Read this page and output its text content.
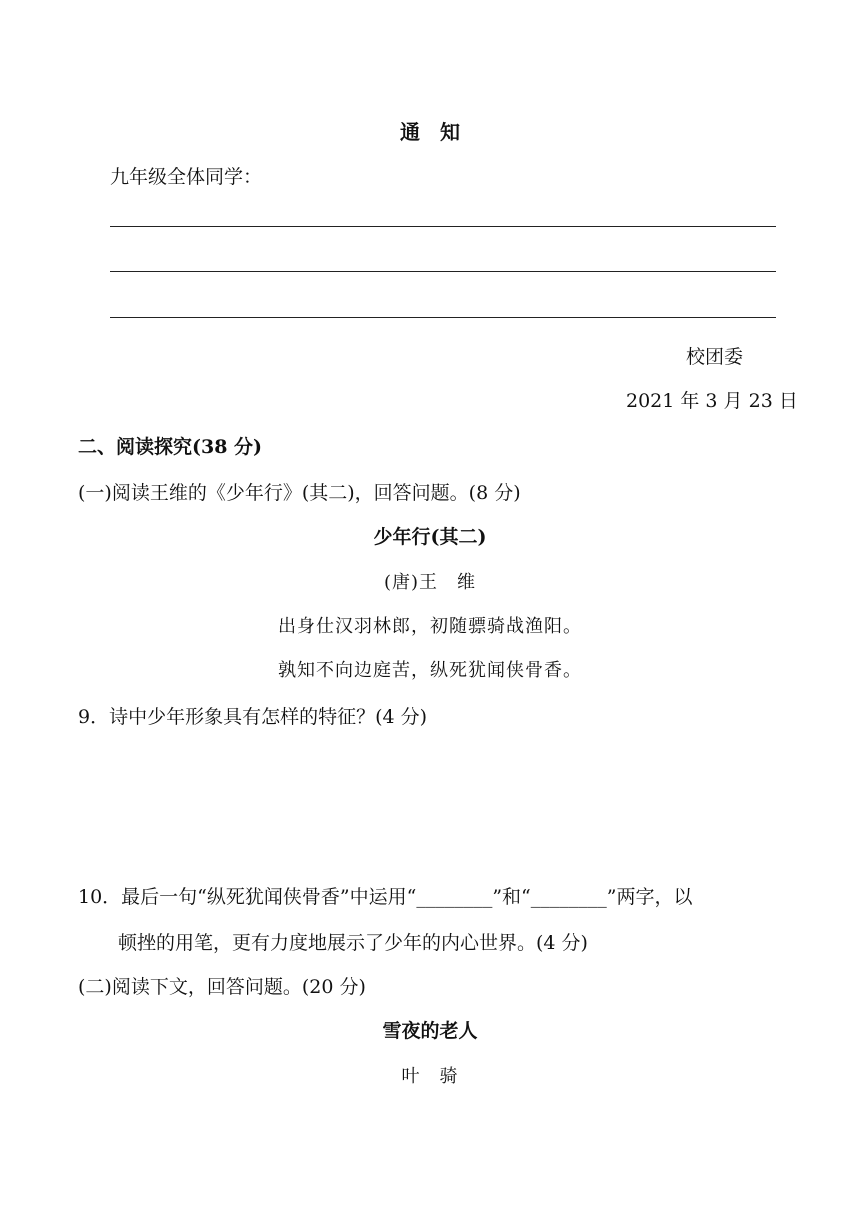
通　知
九年级全体同学：
校团委
2021 年 3 月 23 日
二、阅读探究(38 分)
(一)阅读王维的《少年行》(其二)，回答问题。(8 分)
少年行(其二)
(唐)王　维
出身仕汉羽林郎，初随骠骑战渔阳。
孰知不向边庭苦，纵死犹闻侠骨香。
9．诗中少年形象具有怎样的特征？(4 分)
10．最后一句“纵死犹闻侠骨香”中运用“________”和“________”两字，以
顿挫的用笔，更有力度地展示了少年的内心世界。(4 分)
(二)阅读下文，回答问题。(20 分)
雪夜的老人
叶　骑
